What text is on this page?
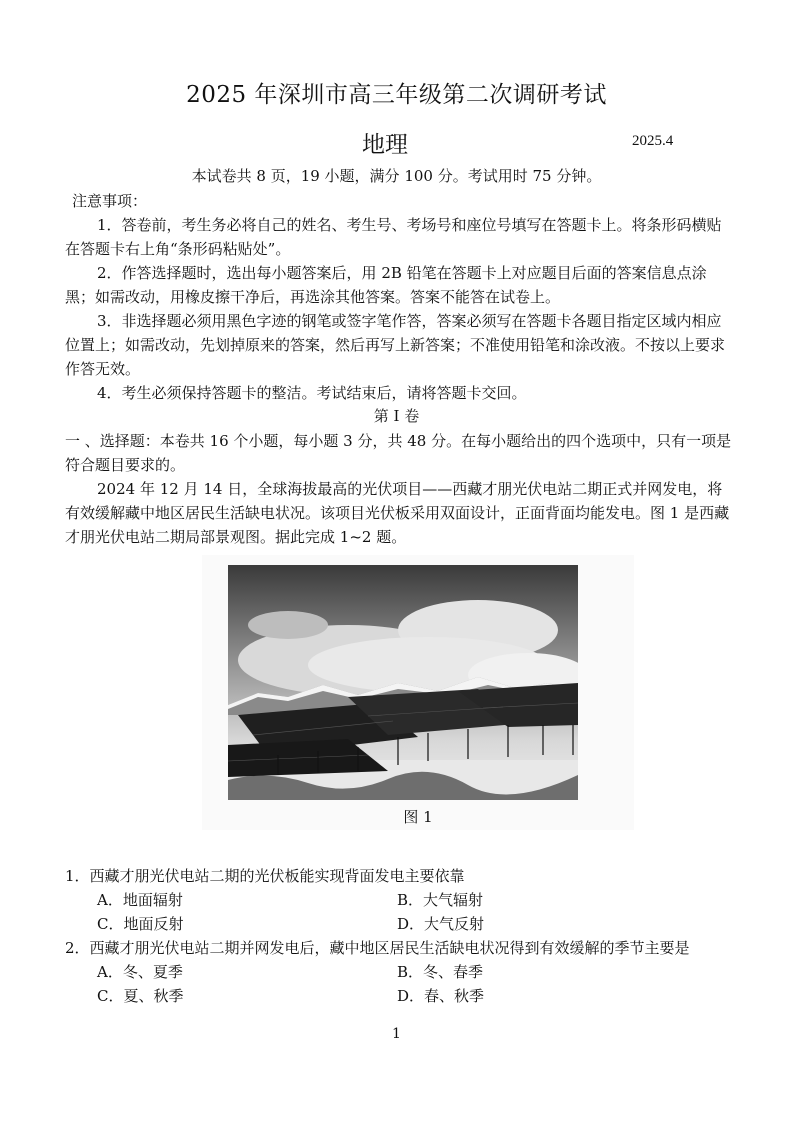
2025 年深圳市高三年级第二次调研考试
地理	2025.4
本试卷共 8 页，19 小题，满分 100 分。考试用时 75 分钟。
注意事项：
1．答卷前，考生务必将自己的姓名、考生号、考场号和座位号填写在答题卡上。将条形码横贴在答题卡右上角“条形码粘贴处”。
2．作答选择题时，选出每小题答案后，用 2B 铅笔在答题卡上对应题目后面的答案信息点涂黑；如需改动，用橡皮擦干净后，再选涂其他答案。答案不能答在试卷上。
3．非选择题必须用黑色字迹的钢笔或签字笔作答，答案必须写在答题卡各题目指定区域内相应位置上；如需改动，先划掉原来的答案，然后再写上新答案；不准使用铅笔和涂改液。不按以上要求作答无效。
4．考生必须保持答题卡的整洁。考试结束后，请将答题卡交回。
第 I 卷
一 、选择题：本卷共 16 个小题，每小题 3 分，共 48 分。在每小题给出的四个选项中，只有一项是符合题目要求的。
2024 年 12 月 14 日，全球海拔最高的光伏项目——西藏才朋光伏电站二期正式并网发电，将有效缓解藏中地区居民生活缺电状况。该项目光伏板采用双面设计，正面背面均能发电。图 1 是西藏才朋光伏电站二期局部景观图。据此完成 1~2 题。
图 1
1．西藏才朋光伏电站二期的光伏板能实现背面发电主要依靠
A．地面辐射	B．大气辐射
C．地面反射	D．大气反射
2．西藏才朋光伏电站二期并网发电后，藏中地区居民生活缺电状况得到有效缓解的季节主要是
A．冬、夏季	B．冬、春季
C．夏、秋季	D．春、秋季
1
